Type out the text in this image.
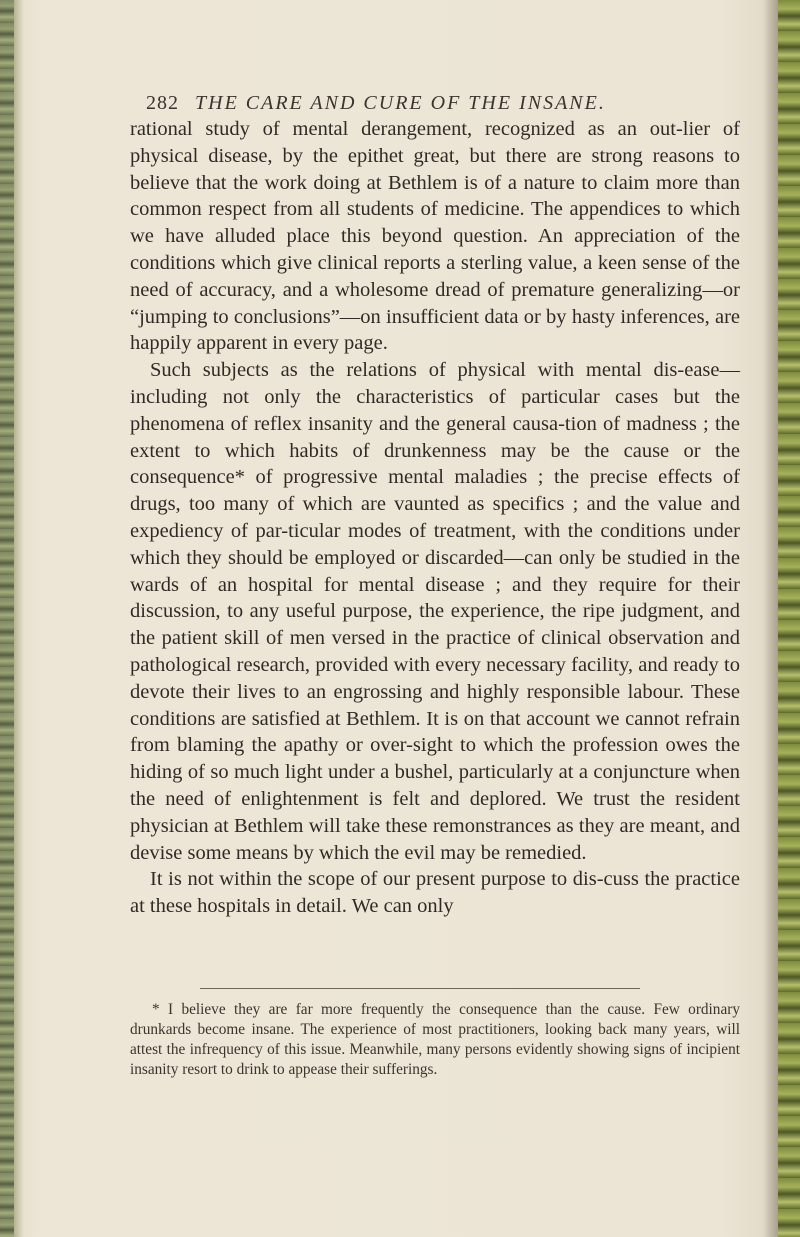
282 THE CARE AND CURE OF THE INSANE.

rational study of mental derangement, recognized as an out-lier of physical disease, by the epithet great, but there are strong reasons to believe that the work doing at Bethlem is of a nature to claim more than common respect from all students of medicine. The appendices to which we have alluded place this beyond question. An appreciation of the conditions which give clinical reports a sterling value, a keen sense of the need of accuracy, and a wholesome dread of premature generalizing—or “jumping to conclusions”—on insufficient data or by hasty inferences, are happily apparent in every page.

Such subjects as the relations of physical with mental dis-ease—including not only the characteristics of particular cases but the phenomena of reflex insanity and the general causa-tion of madness ; the extent to which habits of drunkenness may be the cause or the consequence* of progressive mental maladies ; the precise effects of drugs, too many of which are vaunted as specifics ; and the value and expediency of par-ticular modes of treatment, with the conditions under which they should be employed or discarded—can only be studied in the wards of an hospital for mental disease ; and they require for their discussion, to any useful purpose, the experience, the ripe judgment, and the patient skill of men versed in the practice of clinical observation and pathological research, provided with every necessary facility, and ready to devote their lives to an engrossing and highly responsible labour. These conditions are satisfied at Bethlem. It is on that account we cannot refrain from blaming the apathy or over-sight to which the profession owes the hiding of so much light under a bushel, particularly at a conjuncture when the need of enlightenment is felt and deplored. We trust the resident physician at Bethlem will take these remonstrances as they are meant, and devise some means by which the evil may be remedied.

It is not within the scope of our present purpose to dis-cuss the practice at these hospitals in detail. We can only

* I believe they are far more frequently the consequence than the cause. Few ordinary drunkards become insane. The experience of most practitioners, looking back many years, will attest the infrequency of this issue. Meanwhile, many persons evidently showing signs of incipient insanity resort to drink to appease their sufferings.
